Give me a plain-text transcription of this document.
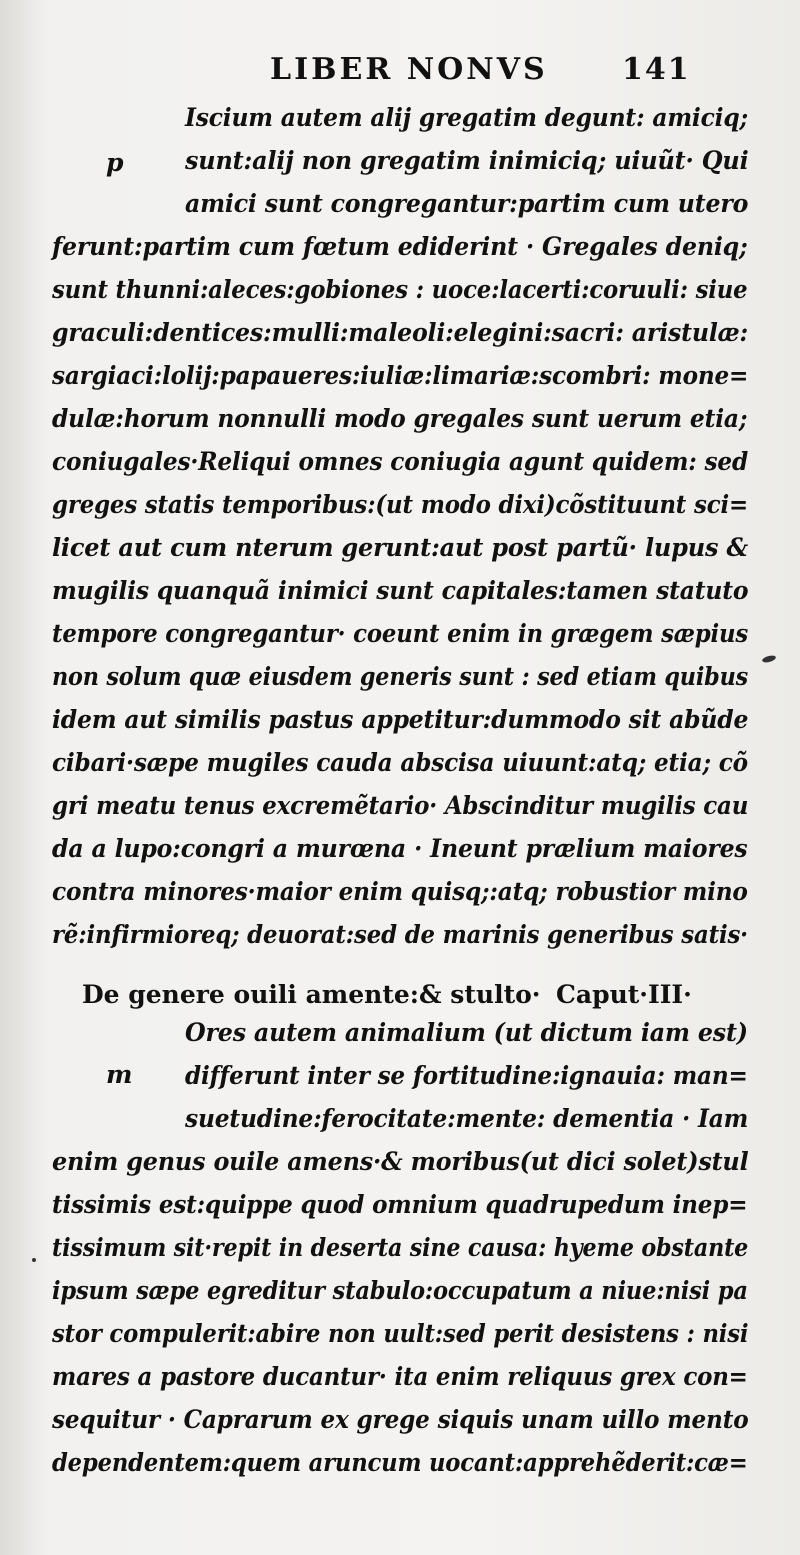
LIBER NONVS 141
p
m
Iscium autem alij gregatim degunt: amiciq;
sunt:alij non gregatim inimiciq; uiuũt· Qui
amici sunt congregantur:partim cum utero
ferunt:partim cum fœtum ediderint · Gregales deniq;
sunt thunni:aleces:gobiones : uoce:lacerti:coruuli: siue
graculi:dentices:mulli:maleoli:elegini:sacri: aristulæ:
sargiaci:lolij:papaueres:iuliæ:limariæ:scombri: mone=
dulæ:horum nonnulli modo gregales sunt uerum etia;
coniugales·Reliqui omnes coniugia agunt quidem: sed
greges statis temporibus:(ut modo dixi)cõstituunt sci=
licet aut cum nterum gerunt:aut post partũ· lupus &
mugilis quanquã inimici sunt capitales:tamen statuto
tempore congregantur· coeunt enim in grægem sæpius
non solum quæ eiusdem generis sunt : sed etiam quibus
idem aut similis pastus appetitur:dummodo sit abũde
cibari·sæpe mugiles cauda abscisa uiuunt:atq; etia; cõ
gri meatu tenus excremẽtario· Abscinditur mugilis cau
da a lupo:congri a murœna · Ineunt prælium maiores
contra minores·maior enim quisq;:atq; robustior mino
rẽ:infirmioreq; deuorat:sed de marinis generibus satis·
De genere ouili amente:& stulto· Caput·III·
Ores autem animalium (ut dictum iam est)
differunt inter se fortitudine:ignauia: man=
suetudine:ferocitate:mente: dementia · Iam
enim genus ouile amens·& moribus(ut dici solet)stul
tissimis est:quippe quod omnium quadrupedum inep=
tissimum sit·repit in deserta sine causa: hyeme obstante
ipsum sæpe egreditur stabulo:occupatum a niue:nisi pa
stor compulerit:abire non uult:sed perit desistens : nisi
mares a pastore ducantur· ita enim reliquus grex con=
sequitur · Caprarum ex grege siquis unam uillo mento
dependentem:quem aruncum uocant:apprehẽderit:cæ=
